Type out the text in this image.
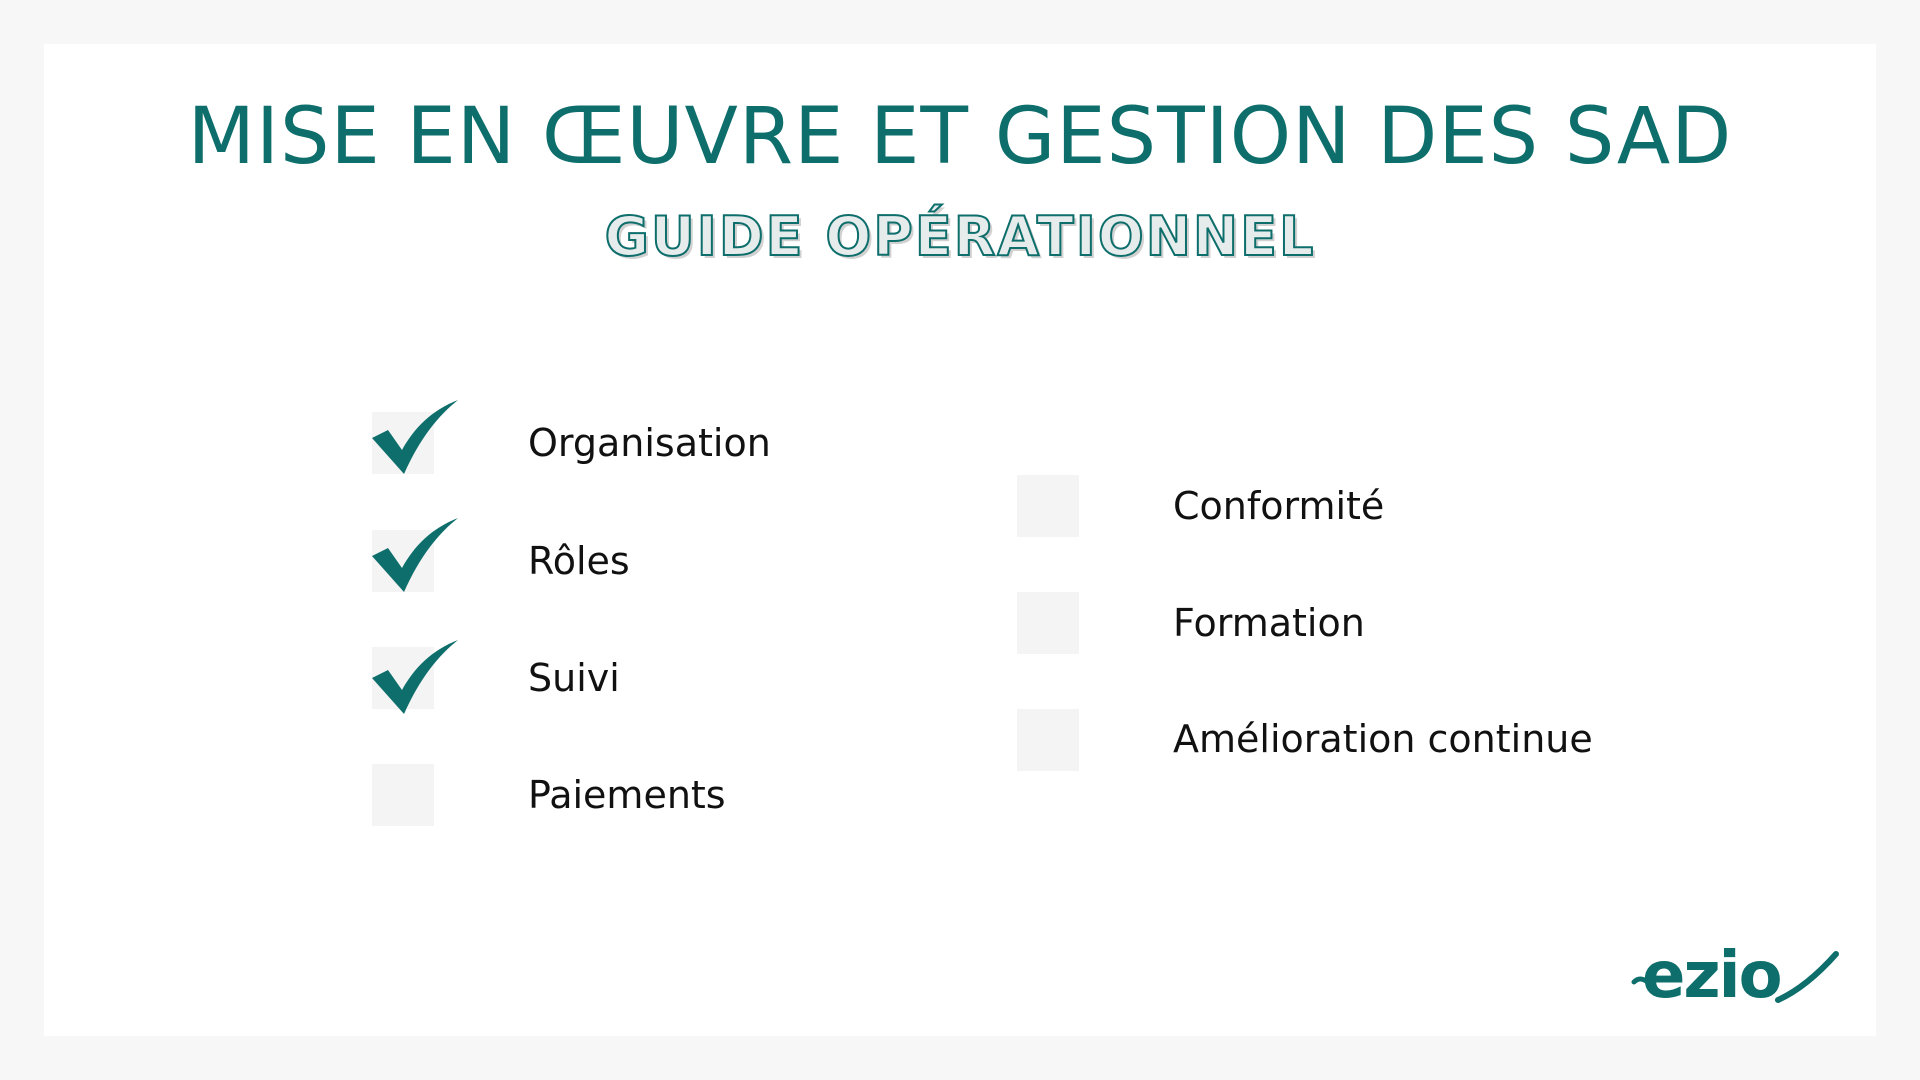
MISE EN ŒUVRE ET GESTION DES SAD
GUIDE OPÉRATIONNEL
Organisation
Rôles
Suivi
Paiements
Conformité
Formation
Amélioration continue
ezio
